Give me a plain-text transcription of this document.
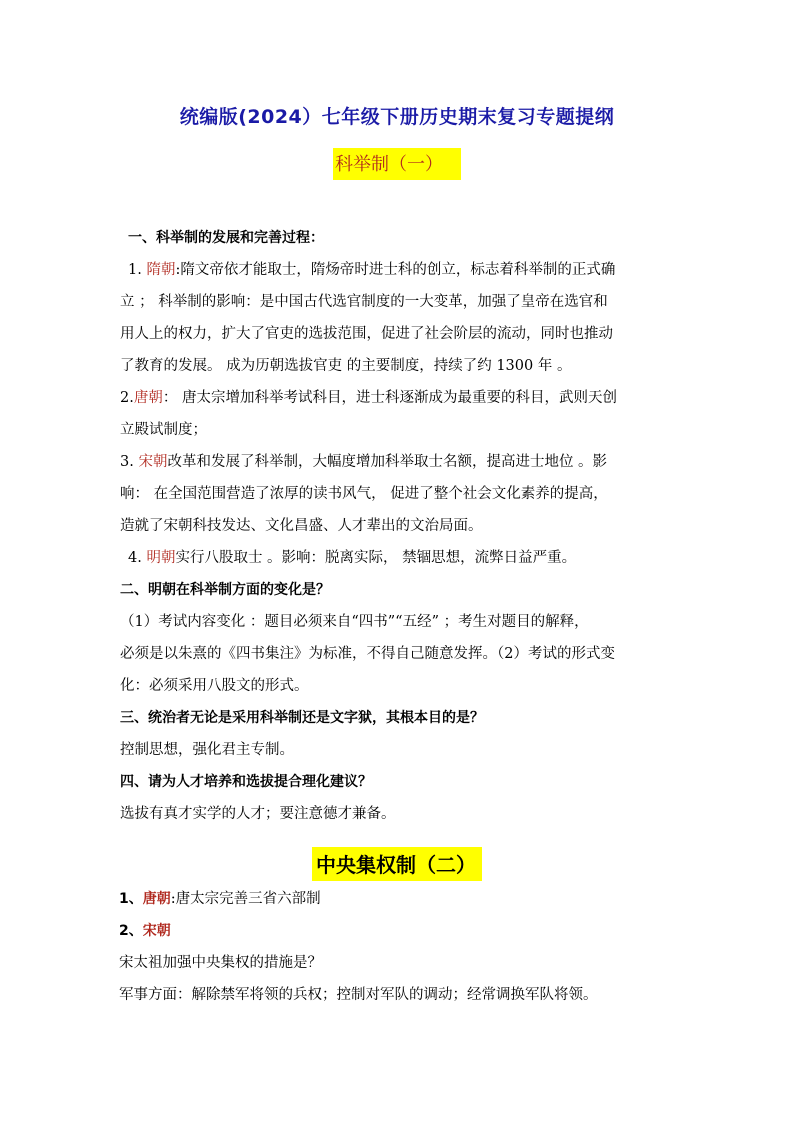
统编版(2024）七年级下册历史期末复习专题提纲
科举制（一）
一、科举制的发展和完善过程：
1. 隋朝:隋文帝依才能取士，隋炀帝时进士科的创立，标志着科举制的正式确
立 ； 科举制的影响：是中国古代选官制度的一大变革，加强了皇帝在选官和
用人上的权力，扩大了官吏的选拔范围，促进了社会阶层的流动，同时也推动
了教育的发展。 成为历朝选拔官吏 的主要制度，持续了约 1300 年 。
2.唐朝： 唐太宗增加科举考试科目，进士科逐渐成为最重要的科目，武则天创
立殿试制度；
3. 宋朝改革和发展了科举制，大幅度增加科举取士名额，提高进士地位 。影
响： 在全国范围营造了浓厚的读书风气， 促进了整个社会文化素养的提高，
造就了宋朝科技发达、文化昌盛、人才辈出的文治局面。
4. 明朝实行八股取士 。影响：脱离实际， 禁锢思想，流弊日益严重。
二、明朝在科举制方面的变化是？
（1）考试内容变化 ：题目必须来自“四书”“五经” ；考生对题目的解释，
必须是以朱熹的《四书集注》为标准，不得自己随意发挥。（2）考试的形式变
化：必须采用八股文的形式。
三、统治者无论是采用科举制还是文字狱，其根本目的是？
控制思想，强化君主专制。
四、请为人才培养和选拔提合理化建议？
选拔有真才实学的人才；要注意德才兼备。
中央集权制（二）
1、唐朝:唐太宗完善三省六部制
2、宋朝
宋太祖加强中央集权的措施是？
军事方面：解除禁军将领的兵权；控制对军队的调动；经常调换军队将领。
